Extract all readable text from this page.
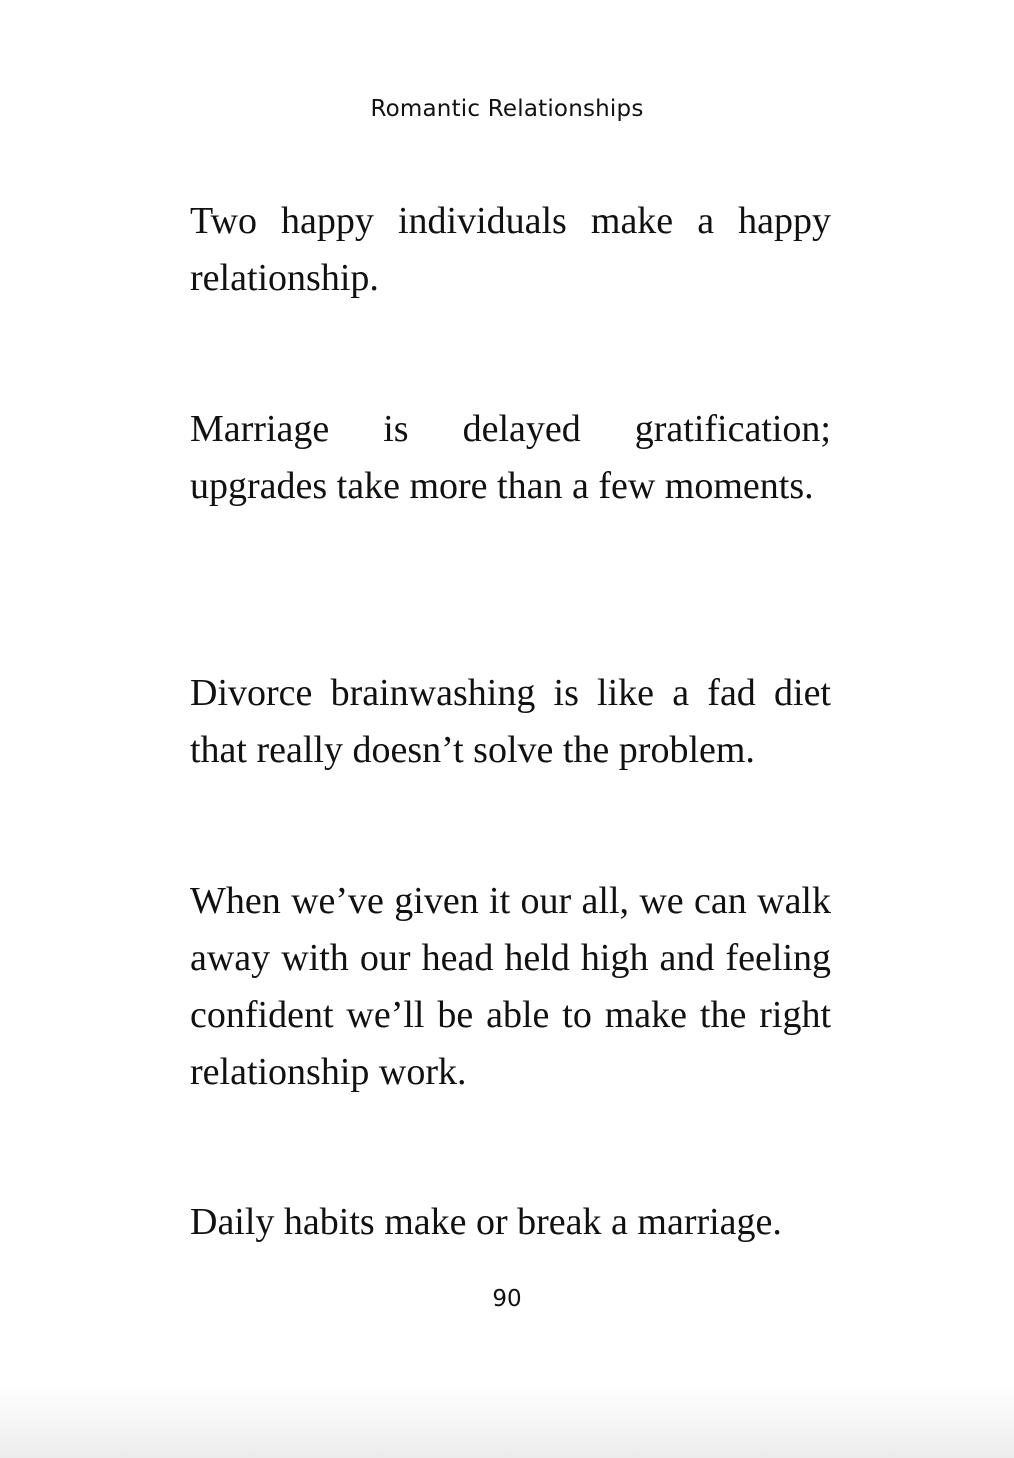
Romantic Relationships

Two happy individuals make a happy relationship.

Marriage is delayed gratification; upgrades take more than a few moments.

Divorce brainwashing is like a fad diet that really doesn’t solve the problem.

When we’ve given it our all, we can walk away with our head held high and feeling confident we’ll be able to make the right relationship work.

Daily habits make or break a marriage.

90
